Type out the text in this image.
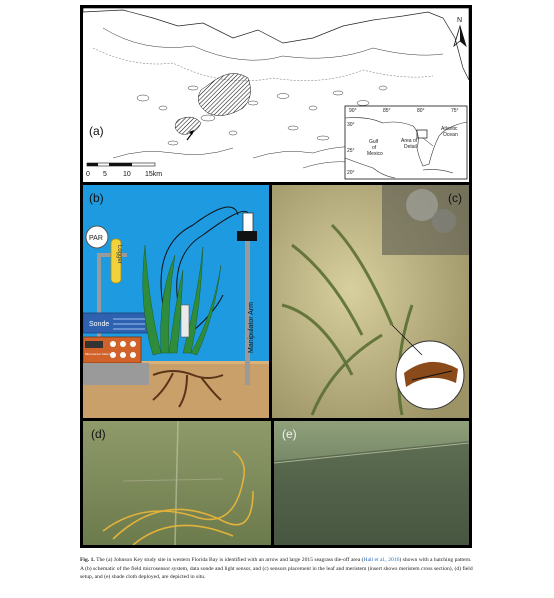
N
0 5 10 15km
90°	85°	80°	75°
30°
25°
20°
Gulf
of
Mexico
Atlantic
Ocean
Area of
Detail
(a)
PAR
Logger
Sonde
Microsensor Meter
Manipulator Arm
(b)	(c)
(d)	(e)
Fig. 1. The (a) Johnson Key study site in western Florida Bay is identified with an arrow and large 2015 seagrass die-off area (Hall et al., 2016) shown with a hatching pattern. A (b) schematic of the field microsensor system, data sonde and light sensor, and (c) sensors placement in the leaf and meristem (insert shows meristem cross section), (d) field setup, and (e) shade cloth deployed, are depicted in situ.
